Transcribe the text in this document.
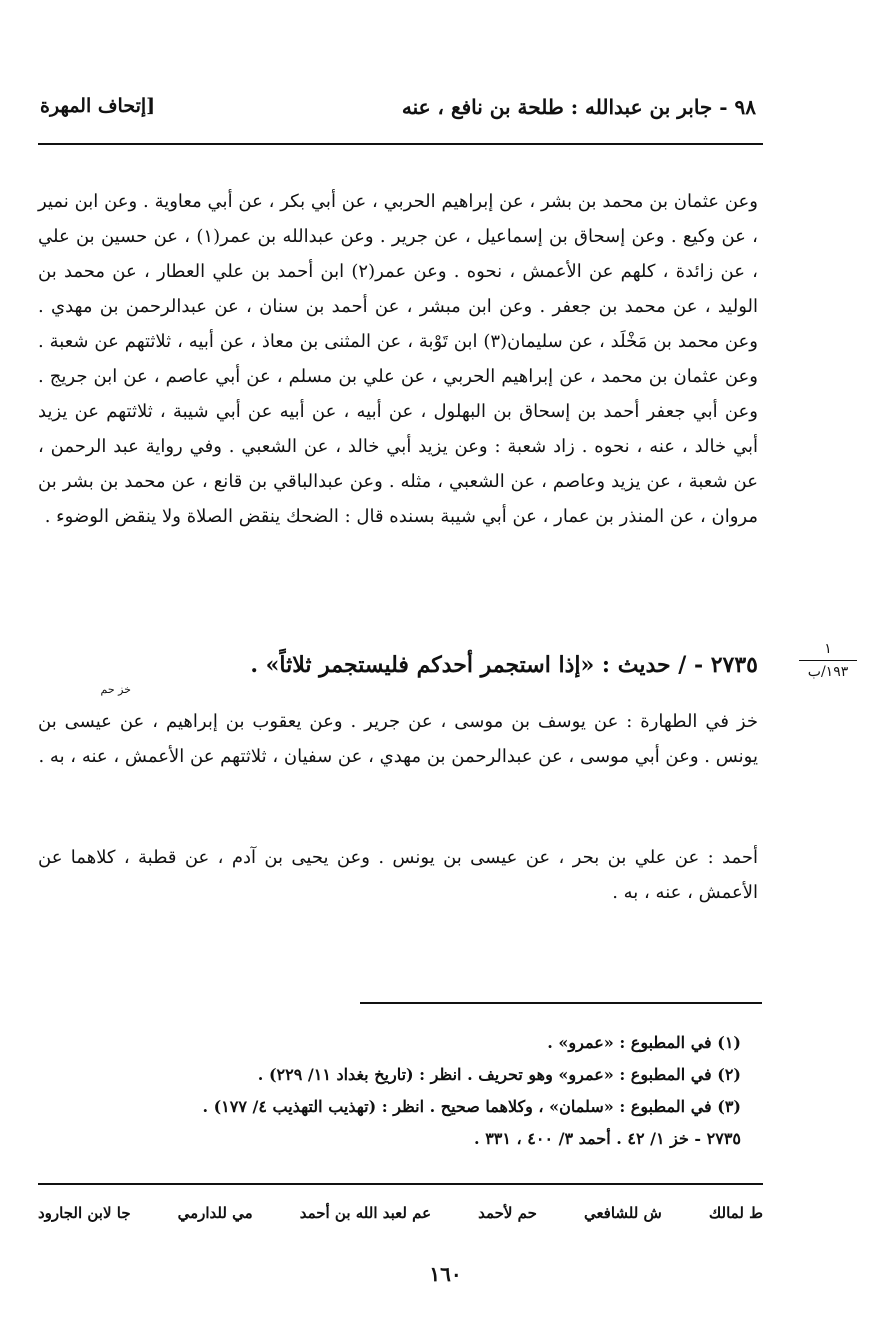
٩٨ - جابر بن عبدالله : طلحة بن نافع ، عنه
[إتحاف المهرة
وعن عثمان بن محمد بن بشر ، عن إبراهيم الحربي ، عن أبي بكر ، عن أبي معاوية . وعن ابن نمير ، عن وكيع . وعن إسحاق بن إسماعيل ، عن جرير . وعن عبدالله بن عمر(١) ، عن حسين بن علي ، عن زائدة ، كلهم عن الأعمش ، نحوه . وعن عمر(٢) ابن أحمد بن علي العطار ، عن محمد بن الوليد ، عن محمد بن جعفر . وعن ابن مبشر ، عن أحمد بن سنان ، عن عبدالرحمن بن مهدي . وعن محمد بن مَخْلَد ، عن سليمان(٣) ابن تَوْبة ، عن المثنى بن معاذ ، عن أبيه ، ثلاثتهم عن شعبة . وعن عثمان بن محمد ، عن إبراهيم الحربي ، عن علي بن مسلم ، عن أبي عاصم ، عن ابن جريج . وعن أبي جعفر أحمد بن إسحاق بن البهلول ، عن أبيه ، عن أبيه عن أبي شيبة ، ثلاثتهم عن يزيد أبي خالد ، عنه ، نحوه . زاد شعبة : وعن يزيد أبي خالد ، عن الشعبي . وفي رواية عبد الرحمن ، عن شعبة ، عن يزيد وعاصم ، عن الشعبي ، مثله . وعن عبدالباقي بن قانع ، عن محمد بن بشر بن مروان ، عن المنذر بن عمار ، عن أبي شيبة بسنده قال : الضحك ينقض الصلاة ولا ينقض الوضوء .
١
١٩٣/ب
٢٧٣٥ - / حديث : «إذا استجمر أحدكم فليستجمر ثلاثاً» .
خز حم
خز في الطهارة : عن يوسف بن موسى ، عن جرير . وعن يعقوب بن إبراهيم ، عن عيسى بن يونس . وعن أبي موسى ، عن عبدالرحمن بن مهدي ، عن سفيان ، ثلاثتهم عن الأعمش ، عنه ، به .
أحمد : عن علي بن بحر ، عن عيسى بن يونس . وعن يحيى بن آدم ، عن قطبة ، كلاهما عن الأعمش ، عنه ، به .
(١) في المطبوع : «عمرو» .
(٢) في المطبوع : «عمرو» وهو تحريف . انظر : (تاريخ بغداد ١١/ ٢٢٩) .
(٣) في المطبوع : «سلمان» ، وكلاهما صحيح . انظر : (تهذيب التهذيب ٤/ ١٧٧) .
٢٧٣٥ - خز ١/ ٤٢ . أحمد ٣/ ٤٠٠ ، ٣٣١ .
ط لمالك
ش للشافعي
حم لأحمد
عم لعبد الله بن أحمد
مي للدارمي
جا لابن الجارود
١٦٠
